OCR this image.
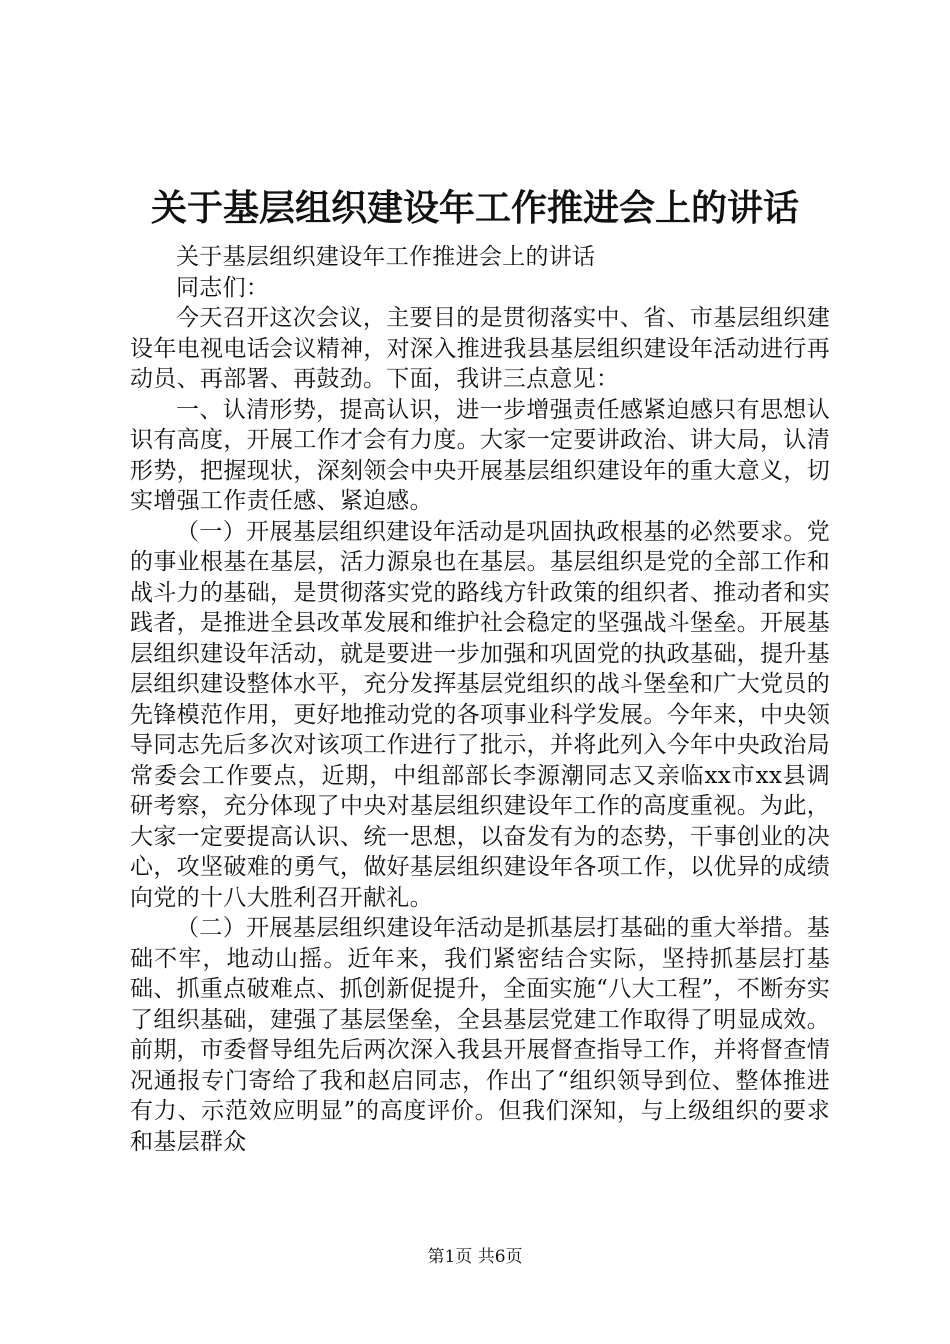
关于基层组织建设年工作推进会上的讲话

关于基层组织建设年工作推进会上的讲话

同志们：

今天召开这次会议，主要目的是贯彻落实中、省、市基层组织建设年电视电话会议精神，对深入推进我县基层组织建设年活动进行再动员、再部署、再鼓劲。下面，我讲三点意见：

一、认清形势，提高认识，进一步增强责任感紧迫感只有思想认识有高度，开展工作才会有力度。大家一定要讲政治、讲大局，认清形势，把握现状，深刻领会中央开展基层组织建设年的重大意义，切实增强工作责任感、紧迫感。

（一）开展基层组织建设年活动是巩固执政根基的必然要求。党的事业根基在基层，活力源泉也在基层。基层组织是党的全部工作和战斗力的基础，是贯彻落实党的路线方针政策的组织者、推动者和实践者，是推进全县改革发展和维护社会稳定的坚强战斗堡垒。开展基层组织建设年活动，就是要进一步加强和巩固党的执政基础，提升基层组织建设整体水平，充分发挥基层党组织的战斗堡垒和广大党员的先锋模范作用，更好地推动党的各项事业科学发展。今年来，中央领导同志先后多次对该项工作进行了批示，并将此列入今年中央政治局常委会工作要点，近期，中组部部长李源潮同志又亲临xx市xx县调研考察，充分体现了中央对基层组织建设年工作的高度重视。为此，大家一定要提高认识、统一思想，以奋发有为的态势，干事创业的决心，攻坚破难的勇气，做好基层组织建设年各项工作，以优异的成绩向党的十八大胜利召开献礼。

（二）开展基层组织建设年活动是抓基层打基础的重大举措。基础不牢，地动山摇。近年来，我们紧密结合实际，坚持抓基层打基础、抓重点破难点、抓创新促提升，全面实施“八大工程”，不断夯实了组织基础，建强了基层堡垒，全县基层党建工作取得了明显成效。前期，市委督导组先后两次深入我县开展督查指导工作，并将督查情况通报专门寄给了我和赵启同志，作出了“组织领导到位、整体推进有力、示范效应明显”的高度评价。但我们深知，与上级组织的要求和基层群众

第1页 共6页
